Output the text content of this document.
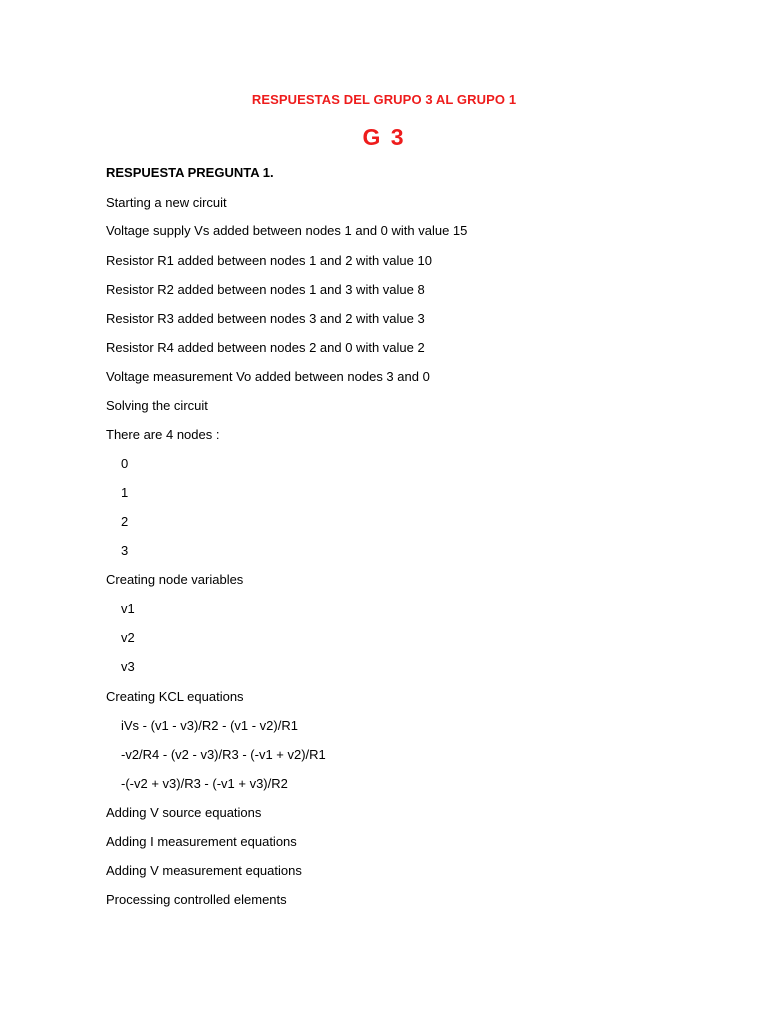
RESPUESTAS DEL GRUPO 3 AL GRUPO 1
G 3
RESPUESTA PREGUNTA 1.
Starting a new circuit
Voltage supply Vs added between nodes 1 and 0 with value 15
Resistor R1 added between nodes 1 and 2 with value 10
Resistor R2 added between nodes 1 and 3 with value 8
Resistor R3 added between nodes 3 and 2 with value 3
Resistor R4 added between nodes 2 and 0 with value 2
Voltage measurement Vo added between nodes 3 and 0
Solving the circuit
There are 4 nodes :
0
1
2
3
Creating node variables
v1
v2
v3
Creating KCL equations
iVs - (v1 - v3)/R2 - (v1 - v2)/R1
-v2/R4 - (v2 - v3)/R3 - (-v1 + v2)/R1
-(-v2 + v3)/R3 - (-v1 + v3)/R2
Adding V source equations
Adding I measurement equations
Adding V measurement equations
Processing controlled elements
